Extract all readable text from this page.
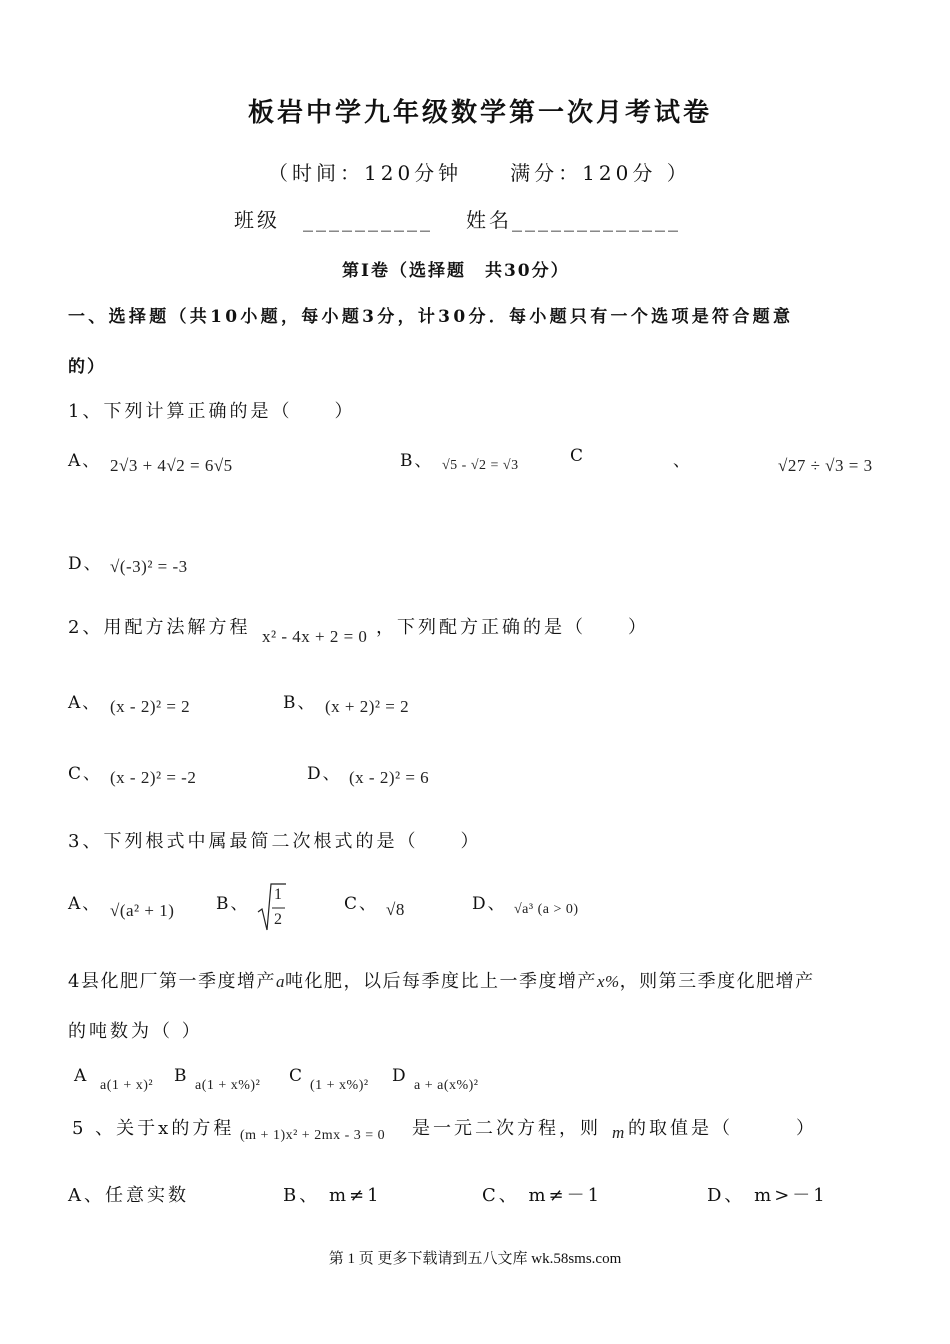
板岩中学九年级数学第一次月考试卷
（时间：120分钟　　满分：120分 ）
班级　__________ 姓名_____________
第Ⅰ卷（选择题　共30分）
一、选择题（共10小题，每小题3分，计30分．每小题只有一个选项是符合题意
的）
1、下列计算正确的是（　　）
A、 2√3 + 4√2 = 6√5	B、 √5 - √2 = √3	C	、	√27 ÷ √3 = 3
D、 √(-3)² = -3
2、用配方法解方程 x² - 4x + 2 = 0 ，下列配方正确的是（　　）
A、 (x - 2)² = 2	B、 (x + 2)² = 2
C、 (x - 2)² = -2	D、 (x - 2)² = 6
3、下列根式中属最简二次根式的是（　　）
A、 √(a² + 1) B、 1
2
C、 √8	D、 √a³ (a > 0)
4县化肥厂第一季度增产a吨化肥，以后每季度比上一季度增产x%，则第三季度化肥增产
的吨数为（ ）
A a(1 + x)² B a(1 + x%)² C (1 + x%)² D a + a(x%)²
5 、关于x的方程 (m + 1)x² + 2mx - 3 = 0 是一元二次方程，则 m 的取值是（　　　）
A、任意实数	B、 m≠1	C、 m≠－1	D、 m>－1
第 1 页 更多下载请到五八文库 wk.58sms.com
